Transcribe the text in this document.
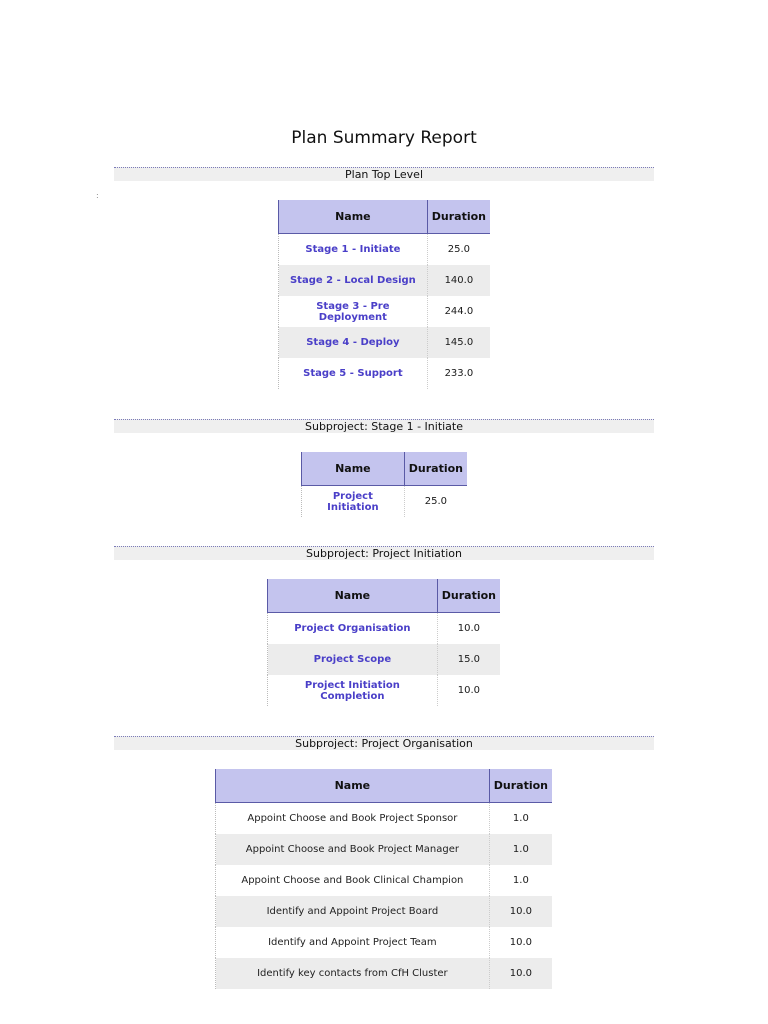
Plan Summary Report
:
Plan Top Level
Name	Duration
Stage 1 - Initiate	25.0
Stage 2 - Local Design	140.0
Stage 3 - Pre Deployment	244.0
Stage 4 - Deploy	145.0
Stage 5 - Support	233.0
Subproject: Stage 1 - Initiate
Name	Duration
Project Initiation	25.0
Subproject: Project Initiation
Name	Duration
Project Organisation	10.0
Project Scope	15.0
Project Initiation Completion	10.0
Subproject: Project Organisation
Name	Duration
Appoint Choose and Book Project Sponsor	1.0
Appoint Choose and Book Project Manager	1.0
Appoint Choose and Book Clinical Champion	1.0
Identify and Appoint Project Board	10.0
Identify and Appoint Project Team	10.0
Identify key contacts from CfH Cluster	10.0
